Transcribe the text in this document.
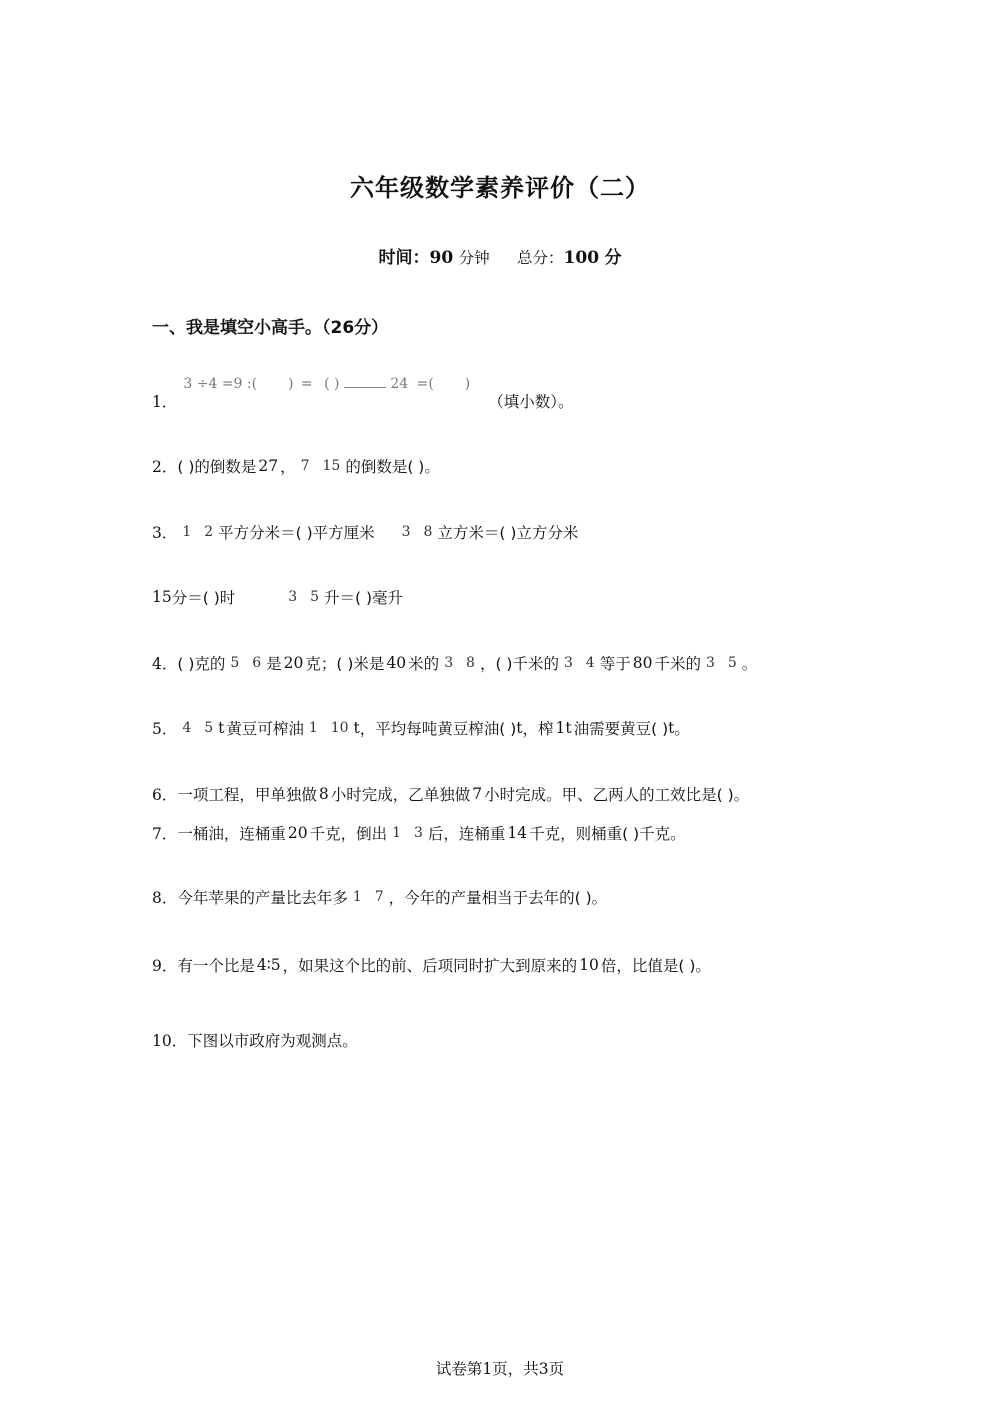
六年级数学素养评价（二）
时间：90 分钟 总分：100 分
一、我是填空小高手。（26分）
1．
3 ÷4 =9 :( ) = ( )	24 =( )
（填小数）。
2． ( )的倒数是 27 ， 7 15 的倒数是( )。
3． 1 2 平方分米＝( )平方厘米 3 8 立方米＝( )立方分米
15 分＝( )时	3 5 升＝( )毫升
4． ( )克的 5 6 是 20 克；( )米是 40 米的 3 8 ，( )千米的 3 4 等于 80 千米的 3 5 。
5． 4 5 t 黄豆可榨油 1 10 t ，平均每吨黄豆榨油( ) t ，榨 1t 油需要黄豆( ) t 。
6． 一项工程，甲单独做 8 小时完成，乙单独做 7 小时完成。甲、乙两人的工效比是( )。
7． 一桶油，连桶重 20 千克，倒出 1 3 后，连桶重 14 千克，则桶重( )千克。
8． 今年苹果的产量比去年多 1 7 ，今年的产量相当于去年的( )。
9． 有一个比是 4∶5 ，如果这个比的前、后项同时扩大到原来的 10 倍，比值是( )。
10． 下图以市政府为观测点。
试卷第1页，共3页
